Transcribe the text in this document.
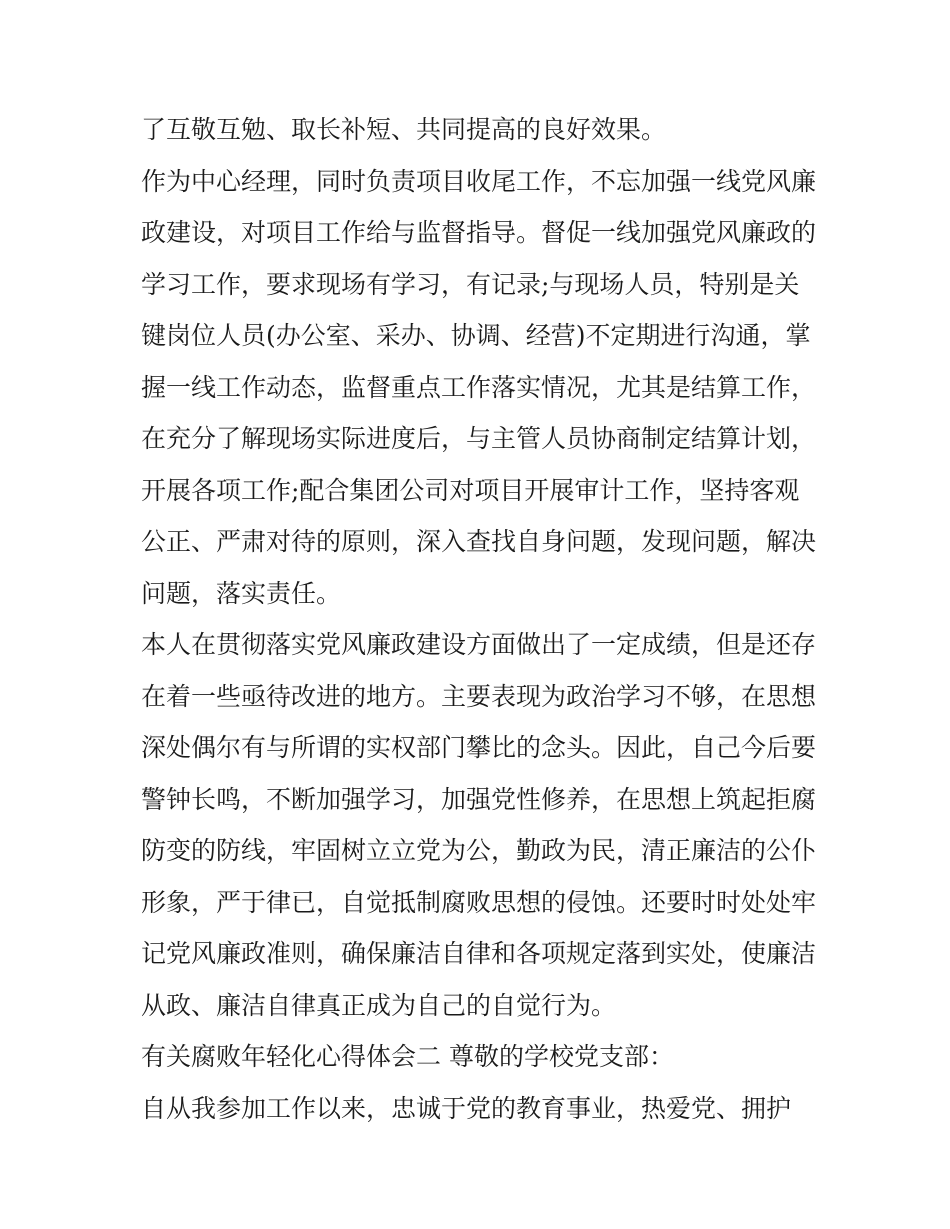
了互敬互勉、取长补短、共同提高的良好效果。
作为中心经理，同时负责项目收尾工作，不忘加强一线党风廉
政建设，对项目工作给与监督指导。督促一线加强党风廉政的
学习工作，要求现场有学习，有记录;与现场人员，特别是关
键岗位人员(办公室、采办、协调、经营)不定期进行沟通，掌
握一线工作动态，监督重点工作落实情况，尤其是结算工作，
在充分了解现场实际进度后，与主管人员协商制定结算计划，
开展各项工作;配合集团公司对项目开展审计工作，坚持客观
公正、严肃对待的原则，深入查找自身问题，发现问题，解决
问题，落实责任。
本人在贯彻落实党风廉政建设方面做出了一定成绩，但是还存
在着一些亟待改进的地方。主要表现为政治学习不够，在思想
深处偶尔有与所谓的实权部门攀比的念头。因此，自己今后要
警钟长鸣，不断加强学习，加强党性修养，在思想上筑起拒腐
防变的防线，牢固树立立党为公，勤政为民，清正廉洁的公仆
形象，严于律已，自觉抵制腐败思想的侵蚀。还要时时处处牢
记党风廉政准则，确保廉洁自律和各项规定落到实处，使廉洁
从政、廉洁自律真正成为自己的自觉行为。
有关腐败年轻化心得体会二 尊敬的学校党支部：
自从我参加工作以来，忠诚于党的教育事业，热爱党、拥护
